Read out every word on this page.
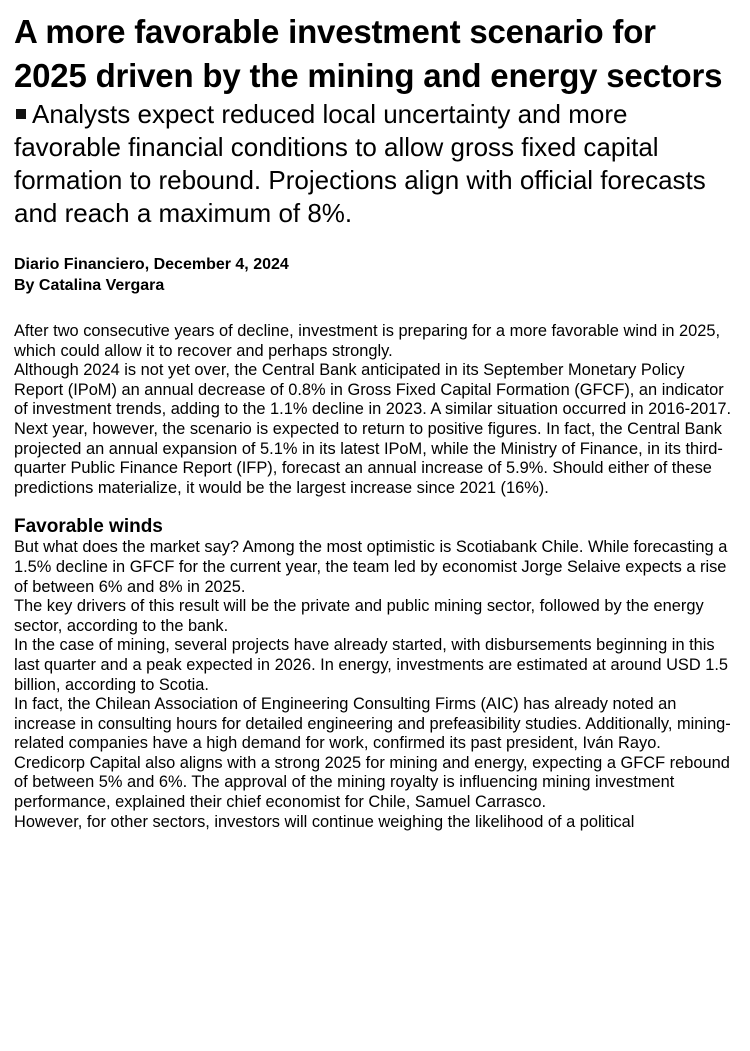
A more favorable investment scenario for 2025 driven by the mining and energy sectors
Analysts expect reduced local uncertainty and more favorable financial conditions to allow gross fixed capital formation to rebound. Projections align with official forecasts and reach a maximum of 8%.
Diario Financiero, December 4, 2024
By Catalina Vergara

After two consecutive years of decline, investment is preparing for a more favorable wind in 2025, which could allow it to recover and perhaps strongly.

Although 2024 is not yet over, the Central Bank anticipated in its September Monetary Policy Report (IPoM) an annual decrease of 0.8% in Gross Fixed Capital Formation (GFCF), an indicator of investment trends, adding to the 1.1% decline in 2023. A similar situation occurred in 2016-2017.

Next year, however, the scenario is expected to return to positive figures. In fact, the Central Bank projected an annual expansion of 5.1% in its latest IPoM, while the Ministry of Finance, in its third-quarter Public Finance Report (IFP), forecast an annual increase of 5.9%. Should either of these predictions materialize, it would be the largest increase since 2021 (16%).

Favorable winds

But what does the market say? Among the most optimistic is Scotiabank Chile. While forecasting a 1.5% decline in GFCF for the current year, the team led by economist Jorge Selaive expects a rise of between 6% and 8% in 2025.

The key drivers of this result will be the private and public mining sector, followed by the energy sector, according to the bank.

In the case of mining, several projects have already started, with disbursements beginning in this last quarter and a peak expected in 2026. In energy, investments are estimated at around USD 1.5 billion, according to Scotia.

In fact, the Chilean Association of Engineering Consulting Firms (AIC) has already noted an increase in consulting hours for detailed engineering and prefeasibility studies. Additionally, mining-related companies have a high demand for work, confirmed its past president, Iván Rayo.

Credicorp Capital also aligns with a strong 2025 for mining and energy, expecting a GFCF rebound of between 5% and 6%. The approval of the mining royalty is influencing mining investment performance, explained their chief economist for Chile, Samuel Carrasco.

However, for other sectors, investors will continue weighing the likelihood of a political
